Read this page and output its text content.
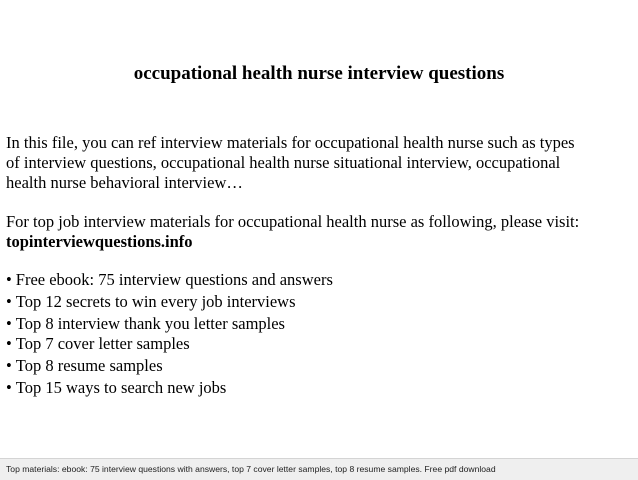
occupational health nurse interview questions
In this file, you can ref interview materials for occupational health nurse such as types
of interview questions, occupational health nurse situational interview, occupational
health nurse behavioral interview…
For top job interview materials for occupational health nurse as following, please visit:
topinterviewquestions.info
• Free ebook: 75 interview questions and answers
• Top 12 secrets to win every job interviews
• Top 8 interview thank you letter samples
• Top 7 cover letter samples
• Top 8 resume samples
• Top 15 ways to search new jobs
Top materials: ebook: 75 interview questions with answers, top 7 cover letter samples, top 8 resume samples. Free pdf download
